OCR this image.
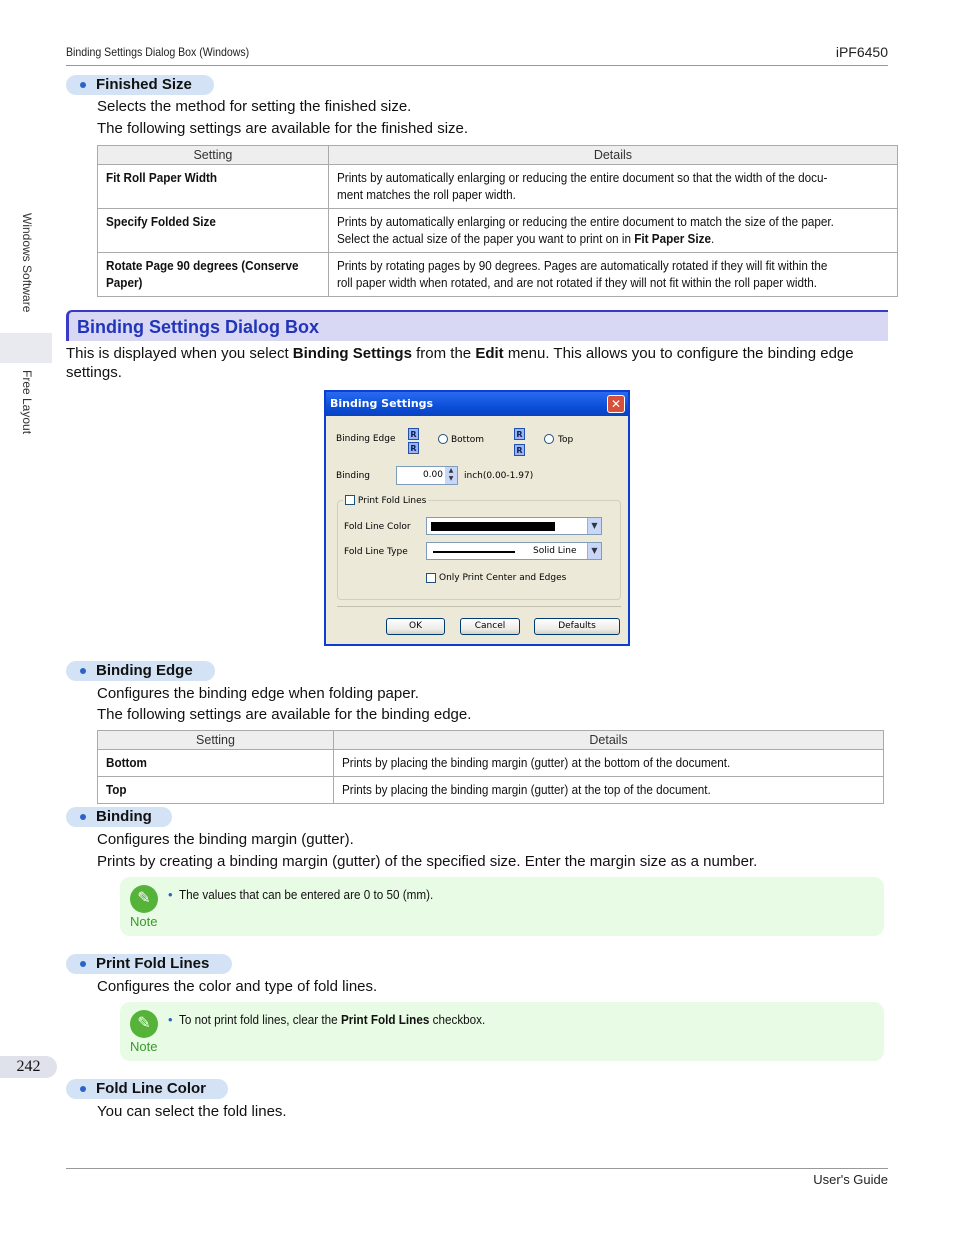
Binding Settings Dialog Box (Windows)	iPF6450
Windows Software
Free Layout
242
Finished Size
Selects the method for setting the finished size.
The following settings are available for the finished size.
Setting	Details
Fit Roll Paper Width	Prints by automatically enlarging or reducing the entire document so that the width of the docu-
ment matches the roll paper width.
Specify Folded Size	Prints by automatically enlarging or reducing the entire document to match the size of the paper.
Select the actual size of the paper you want to print on in Fit Paper Size.
Rotate Page 90 degrees (Conserve
Paper)	Prints by rotating pages by 90 degrees. Pages are automatically rotated if they will fit within the
roll paper width when rotated, and are not rotated if they will not fit within the roll paper width.
Binding Settings Dialog Box
This is displayed when you select Binding Settings from the Edit menu. This allows you to configure the binding edge
settings.
Binding Settings	✕
Binding Edge	R
R
Bottom
R
R
Top
Binding	0.00 ▲
▼	inch(0.00-1.97)
Print Fold Lines
Fold Line Color	▼
Fold Line Type	Solid Line	▼
Only Print Center and Edges
OK	Cancel	Defaults
Binding Edge
Configures the binding edge when folding paper.
The following settings are available for the binding edge.
Setting	Details
Bottom	Prints by placing the binding margin (gutter) at the bottom of the document.
Top	Prints by placing the binding margin (gutter) at the top of the document.
Binding
Configures the binding margin (gutter).
Prints by creating a binding margin (gutter) of the specified size. Enter the margin size as a number.
✎
Note
• The values that can be entered are 0 to 50 (mm).
Print Fold Lines
Configures the color and type of fold lines.
✎
Note
• To not print fold lines, clear the Print Fold Lines checkbox.
Fold Line Color
You can select the fold lines.
User's Guide
